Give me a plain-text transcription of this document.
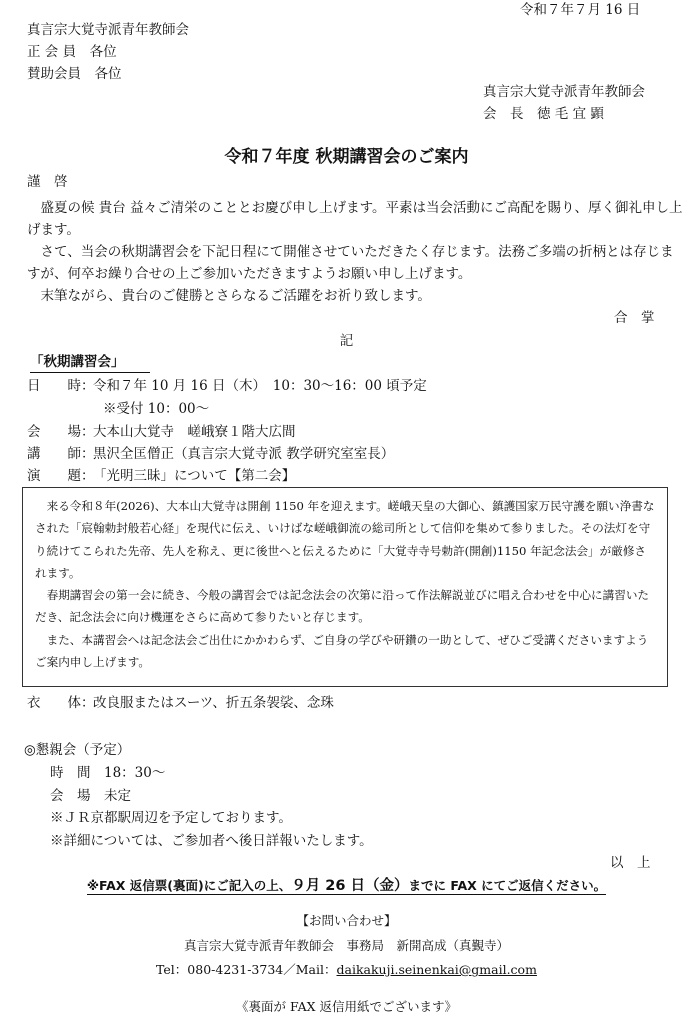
令和７年７月 16 日
真言宗大覚寺派青年教師会
正 会 員　各位
賛助会員　各位
真言宗大覚寺派青年教師会
会　長　徳 毛 宜 顕
令和７年度 秋期講習会のご案内
謹　啓

盛夏の候 貴台 益々ご清栄のこととお慶び申し上げます。平素は当会活動にご高配を賜り、厚く御礼申し上げます。

さて、当会の秋期講習会を下記日程にて開催させていただきたく存じます。法務ご多端の折柄とは存じますが、何卒お繰り合せの上ご参加いただきますようお願い申し上げます。

末筆ながら、貴台のご健勝とさらなるご活躍をお祈り致します。

合　掌
記
「秋期講習会」
日　　時：令和７年 10 月 16 日（木）　10：30～16：00 頃予定
※受付 10：00～
会　　場：大本山大覚寺　嵯峨寮１階大広間
講　　師：黒沢全匡僧正（真言宗大覚寺派 教学研究室室長）
演　　題：「光明三昧」について【第二会】

来る令和８年(2026)、大本山大覚寺は開創 1150 年を迎えます。嵯峨天皇の大御心、鎮護国家万民守護を願い浄書なされた「宸翰勅封般若心経」を現代に伝え、いけばな嵯峨御流の総司所として信仰を集めて参りました。その法灯を守り続けてこられた先帝、先人を称え、更に後世へと伝えるために「大覚寺寺号勅許(開創)1150 年記念法会」が厳修されます。

春期講習会の第一会に続き、今般の講習会では記念法会の次第に沿って作法解説並びに唱え合わせを中心に講習いただき、記念法会に向け機運をさらに高めて参りたいと存じます。

また、本講習会へは記念法会ご出仕にかかわらず、ご自身の学びや研鑽の一助として、ぜひご受講くださいますようご案内申し上げます。

衣　　体：改良服またはスーツ、折五条袈裟、念珠
◎懇親会（予定）
時　間　18：30～
会　場　未定
※ＪＲ京都駅周辺を予定しております。
※詳細については、ご参加者へ後日詳報いたします。
以　上
※FAX 返信票(裏面)にご記入の上、９月 26 日（金）までに FAX にてご返信ください。
【お問い合わせ】
真言宗大覚寺派青年教師会　事務局　新開高成（真覲寺）
Tel：080-4231-3734／Mail：daikakuji.seinenkai@gmail.com
《裏面が FAX 返信用紙でございます》
